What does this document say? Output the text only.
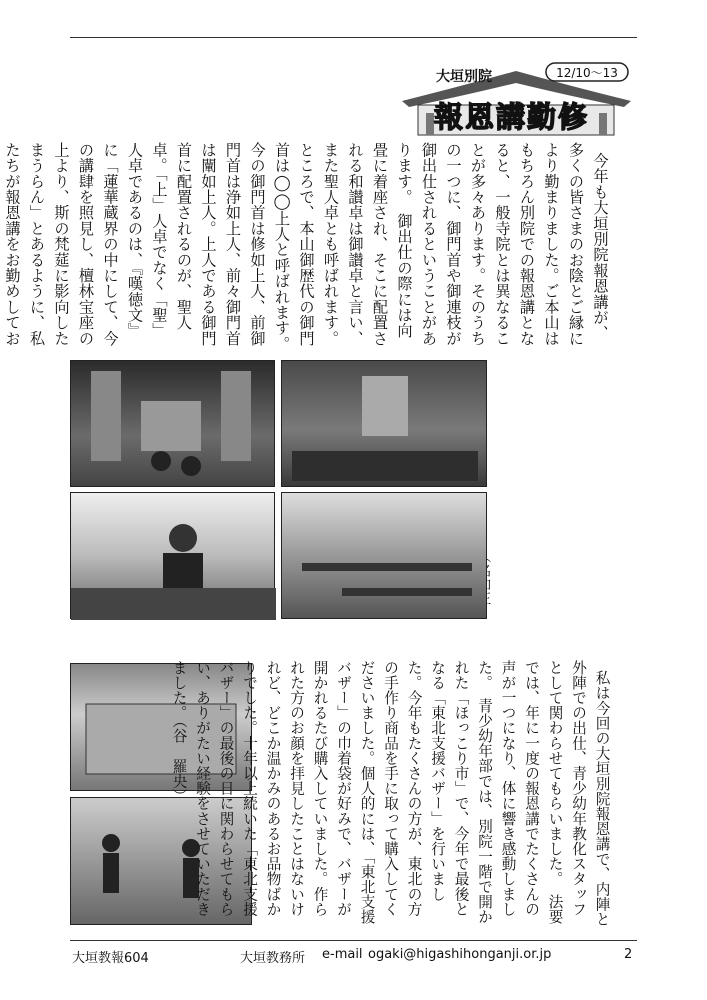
12/10〜13
大垣別院
報恩講勤修

今年も大垣別院報恩講が、多くの皆さまのお陰とご縁により勤まりました。ご本山はもちろん別院での報恩講となると、一般寺院とは異なることが多々あります。そのうちの一つに、御門首や御連枝が御出仕されるということがあります。　御出仕の際には向畳に着座され、そこに配置される和讃卓は御讃卓と言い、また聖人卓とも呼ばれます。ところで、本山御歴代の御門首は◯◯上人と呼ばれます。今の御門首は修如上人、前御門首は浄如上人、前々御門首は闡如上人。上人である御門首に配置されるのが、聖人卓。「上」人卓でなく「聖」人卓であるのは、『嘆徳文』に「蓮華蔵界の中にして、今の講肆を照見し、檀林宝座の上より、斯の梵莚に影向したまうらん」とあるように、私たちが報恩講をお勤めしてお

私は今回の大垣別院報恩講で、内陣と外陣での出仕、青少幼年教化スタッフとして関わらせてもらいました。　法要では、年に一度の報恩講でたくさんの声が一つになり、体に響き感動しました。　青少幼年部では、別院一階で開かれた「ほっこり市」で、今年で最後となる「東北支援バザー」を行いました。今年もたくさんの方が、東北の方の手作り商品を手に取って購入してくださいました。個人的には、「東北支援バザー」の巾着袋が好みで、バザーが開かれるたび購入していました。作られた方のお顔を拝見したことはないけれど、どこか温かみのあるお品物ばかりでした。十年以上続いた「東北支援バザー」の最後の日に関わらせてもらい、ありがたい経験をさせていただきました。（谷　羅央）

大垣教報604	大垣教務所 e-mail ogaki@higashihonganji.or.jp	2
